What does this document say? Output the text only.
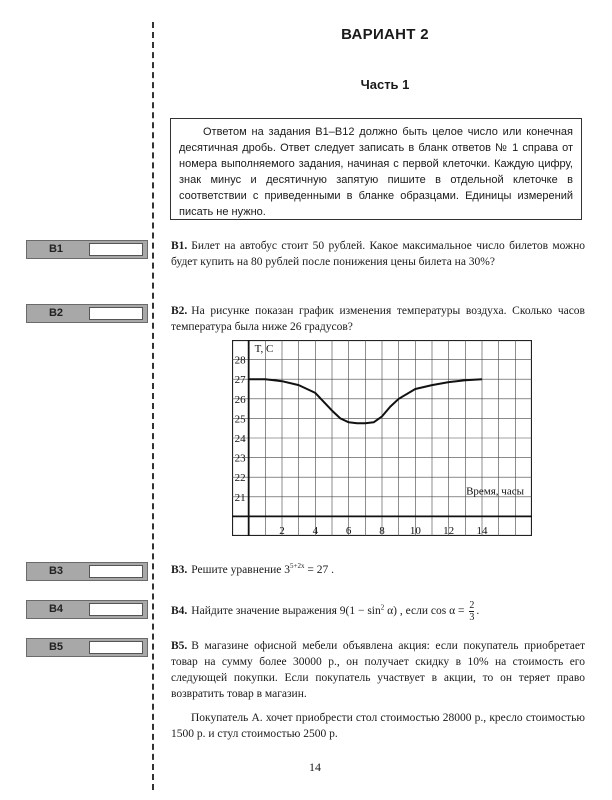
ВАРИАНТ 2
Часть 1
Ответом на задания В1–В12 должно быть целое число или конечная десятичная дробь. Ответ следует записать в бланк ответов № 1 справа от номера выполняемого задания, начиная с первой клеточки. Каждую цифру, знак минус и десятичную запятую пишите в отдельной клеточке в соответствии с приведенными в бланке образцами. Единицы измерений писать не нужно.
B1
B2
B3
B4
B5
B1. Билет на автобус стоит 50 рублей. Какое максимальное число билетов можно будет купить на 80 рублей после понижения цены билета на 30%?
B2. На рисунке показан график изменения температуры воздуха. Сколько часов температура была ниже 26 градусов?
21
22
23
24
25
26
27
28
2	4	6	8 10 12 14
T, C
Время, часы
B3. Решите уравнение $3^{5+2x} = 27$ .
B4. Найдите значение выражения $9(1 - \sin^2 \alpha)$ , если $\cos \alpha = \frac{2}{3}$ .
B5. В магазине офисной мебели объявлена акция: если покупатель приобретает товар на сумму более 30000 р., он получает скидку в 10% на стоимость его следующей покупки. Если покупатель участвует в акции, то он теряет право возвратить товар в магазин.
Покупатель А. хочет приобрести стол стоимостью 28000 р., кресло стоимостью 1500 р. и стул стоимостью 2500 р.
14
